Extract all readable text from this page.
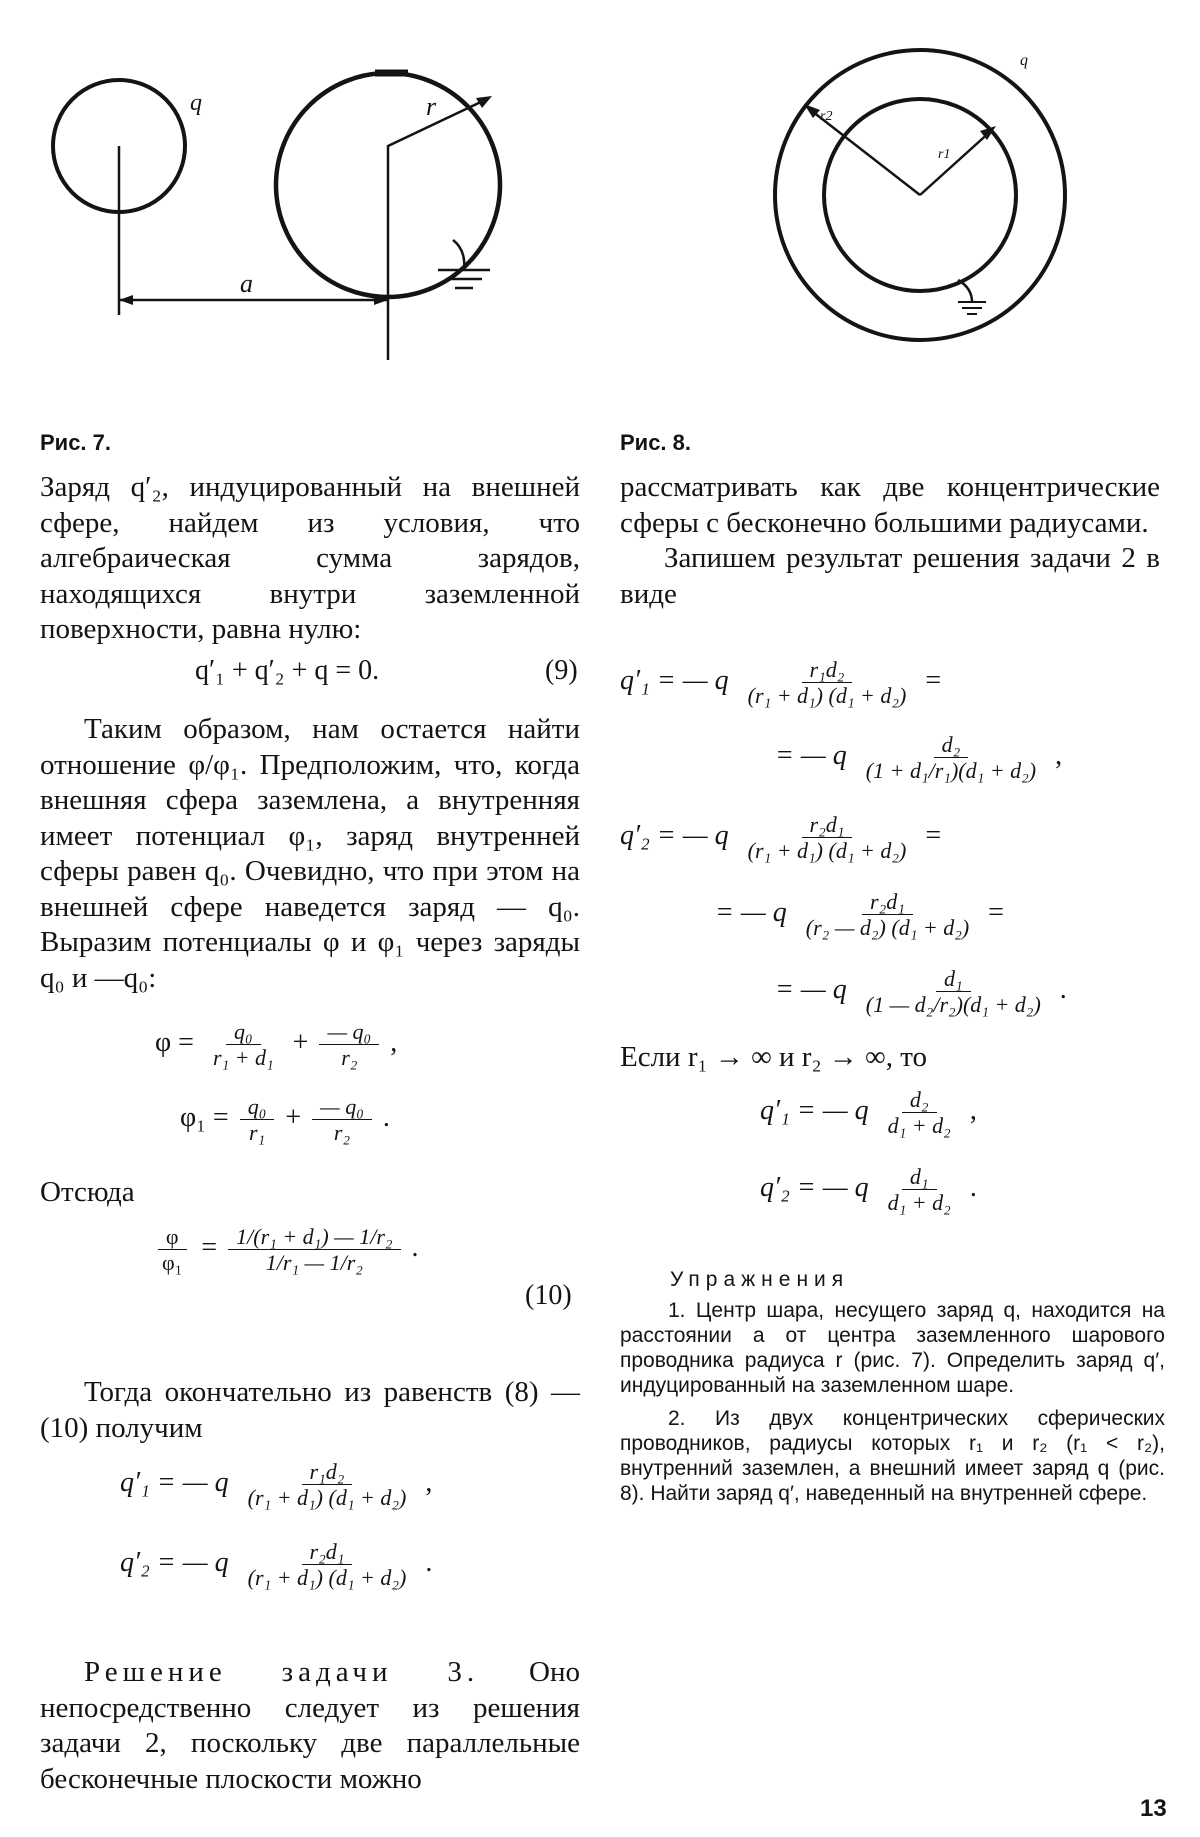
q	r
a
Рис. 7.
q
r2
r1
Рис. 8.

Заряд q′₂, индуцированный на внешней сфере, найдем из условия, что алгебраическая сумма зарядов, находящихся внутри заземленной поверхности, равна нулю:

q′₁ + q′₂ + q = 0.	(9)

Таким образом, нам остается найти отношение φ/φ₁. Предположим, что, когда внешняя сфера заземлена, а внутренняя имеет потенциал φ₁, заряд внутренней сферы равен q₀. Очевидно, что при этом на внешней сфере наведется заряд — q₀. Выразим потенциалы φ и φ₁ через заряды q₀ и —q₀:

$\varphi = \frac{\text{q₀}}{\text{r₁ + d₁}} + \frac{\text{— q₀}}{\text{r₂}}$ ,
$\varphi_1 = \frac{\text{q₀}}{\text{r₁}} + \frac{\text{— q₀}}{\text{r₂}}$ .
Отсюда
$\frac{\varphi}{\text{φ₁}} = \frac{\text{1/(r₁ + d₁) — 1/r₂}}{\text{1/r₁ — 1/r₂}}$ .
(10)

Тогда окончательно из равенств (8) — (10) получим

q′₁ = — q $\frac{\text{r₁d₂}}{\text{(r₁ + d₁) (d₁ + d₂)}}$ ,
q′₂ = — q $\frac{\text{r₂d₁}}{\text{(r₁ + d₁) (d₁ + d₂)}}$ .

Решение задачи 3. Оно непосредственно следует из решения задачи 2, поскольку две параллельные бесконечные плоскости можно

рассматривать как две концентрические сферы с бесконечно большими радиусами.

Запишем результат решения задачи 2 в виде

q′₁ = — q $\frac{\text{r₁d₂}}{\text{(r₁ + d₁) (d₁ + d₂)}}$ =
= — q $\frac{\text{d₂}}{\text{(1 + d₁/r₁)(d₁ + d₂)}}$ ,
q′₂ = — q $\frac{\text{r₂d₁}}{\text{(r₁ + d₁) (d₁ + d₂)}}$ =
= — q $\frac{\text{r₂d₁}}{\text{(r₂ — d₂) (d₁ + d₂)}}$ =
= — q $\frac{\text{d₁}}{\text{(1 — d₂/r₂)(d₁ + d₂)}}$ .
Если r₁ → ∞ и r₂ → ∞, то
q′₁ = — q $\frac{\text{d₂}}{\text{d₁ + d₂}}$ ,
q′₂ = — q $\frac{\text{d₁}}{\text{d₁ + d₂}}$ .

Упражнения

1. Центр шара, несущего заряд q, находится на расстоянии a от центра заземленного шарового проводника радиуса r (рис. 7). Определить заряд q′, индуцированный на заземленном шаре.

2. Из двух концентрических сферических проводников, радиусы которых r₁ и r₂ (r₁ < r₂), внутренний заземлен, а внешний имеет заряд q (рис. 8). Найти заряд q′, наведенный на внутренней сфере.

13
